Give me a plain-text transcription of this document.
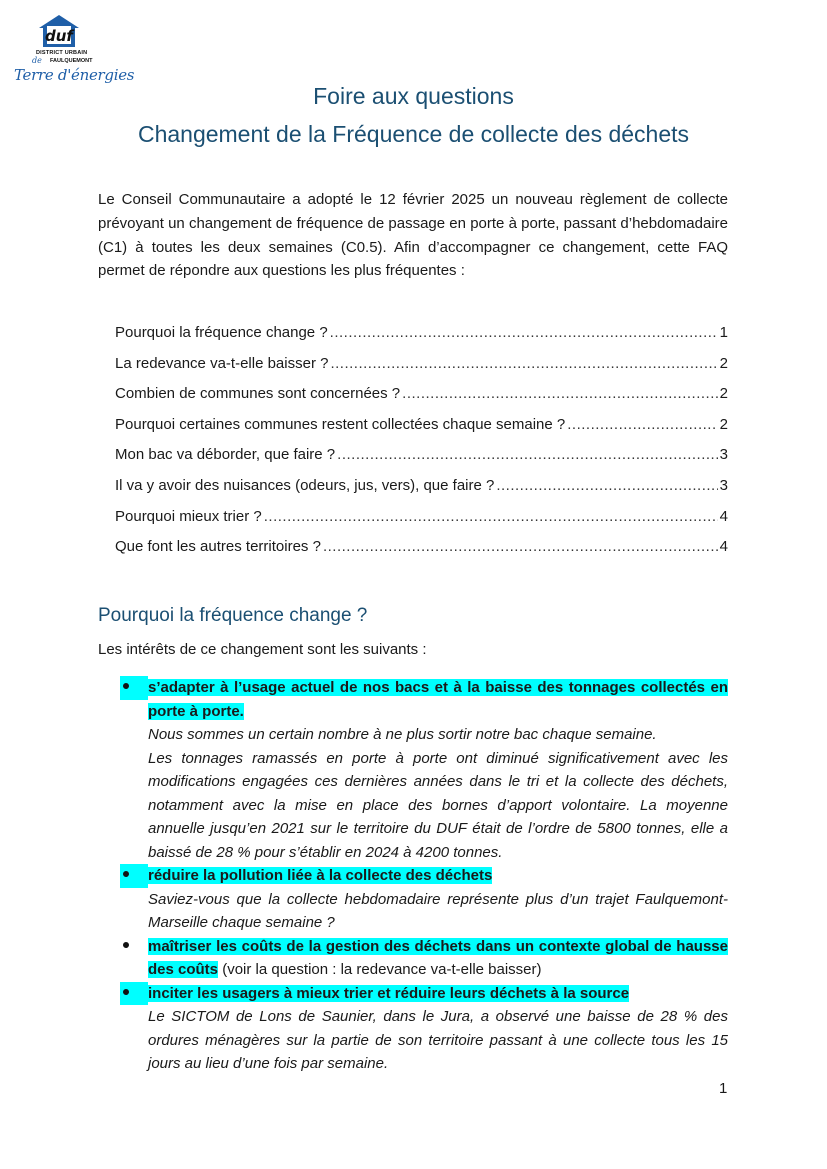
duf
DISTRICT URBAIN
de FAULQUEMONT
Terre d'énergies
Foire aux questions
Changement de la Fréquence de collecte des déchets
Le Conseil Communautaire a adopté le 12 février 2025 un nouveau règlement de collecte prévoyant un changement de fréquence de passage en porte à porte, passant d’hebdomadaire (C1) à toutes les deux semaines (C0.5). Afin d’accompagner ce changement, cette FAQ permet de répondre aux questions les plus fréquentes :
Pourquoi la fréquence change ? .....	1
La redevance va-t-elle baisser ? .....	2
Combien de communes sont concernées ? .....	2
Pourquoi certaines communes restent collectées chaque semaine ? .....	2
Mon bac va déborder, que faire ? .....	3
Il va y avoir des nuisances (odeurs, jus, vers), que faire ? .....	3
Pourquoi mieux trier ? .....	4
Que font les autres territoires ? .....	4
Pourquoi la fréquence change ?
Les intérêts de ce changement sont les suivants :
s’adapter à l’usage actuel de nos bacs et à la baisse des tonnages collectés en porte à porte.

Nous sommes un certain nombre à ne plus sortir notre bac chaque semaine.

Les tonnages ramassés en porte à porte ont diminué significativement avec les modifications engagées ces dernières années dans le tri et la collecte des déchets, notamment avec la mise en place des bornes d’apport volontaire. La moyenne annuelle jusqu’en 2021 sur le territoire du DUF était de l’ordre de 5800 tonnes, elle a baissé de 28 % pour s’établir en 2024 à 4200 tonnes.

réduire la pollution liée à la collecte des déchets

Saviez-vous que la collecte hebdomadaire représente plus d’un trajet Faulquemont-Marseille chaque semaine ?

maîtriser les coûts de la gestion des déchets dans un contexte global de hausse des coûts (voir la question : la redevance va-t-elle baisser)
inciter les usagers à mieux trier et réduire leurs déchets à la source

Le SICTOM de Lons de Saunier, dans le Jura, a observé une baisse de 28 % des ordures ménagères sur la partie de son territoire passant à une collecte tous les 15 jours au lieu d’une fois par semaine.

1
